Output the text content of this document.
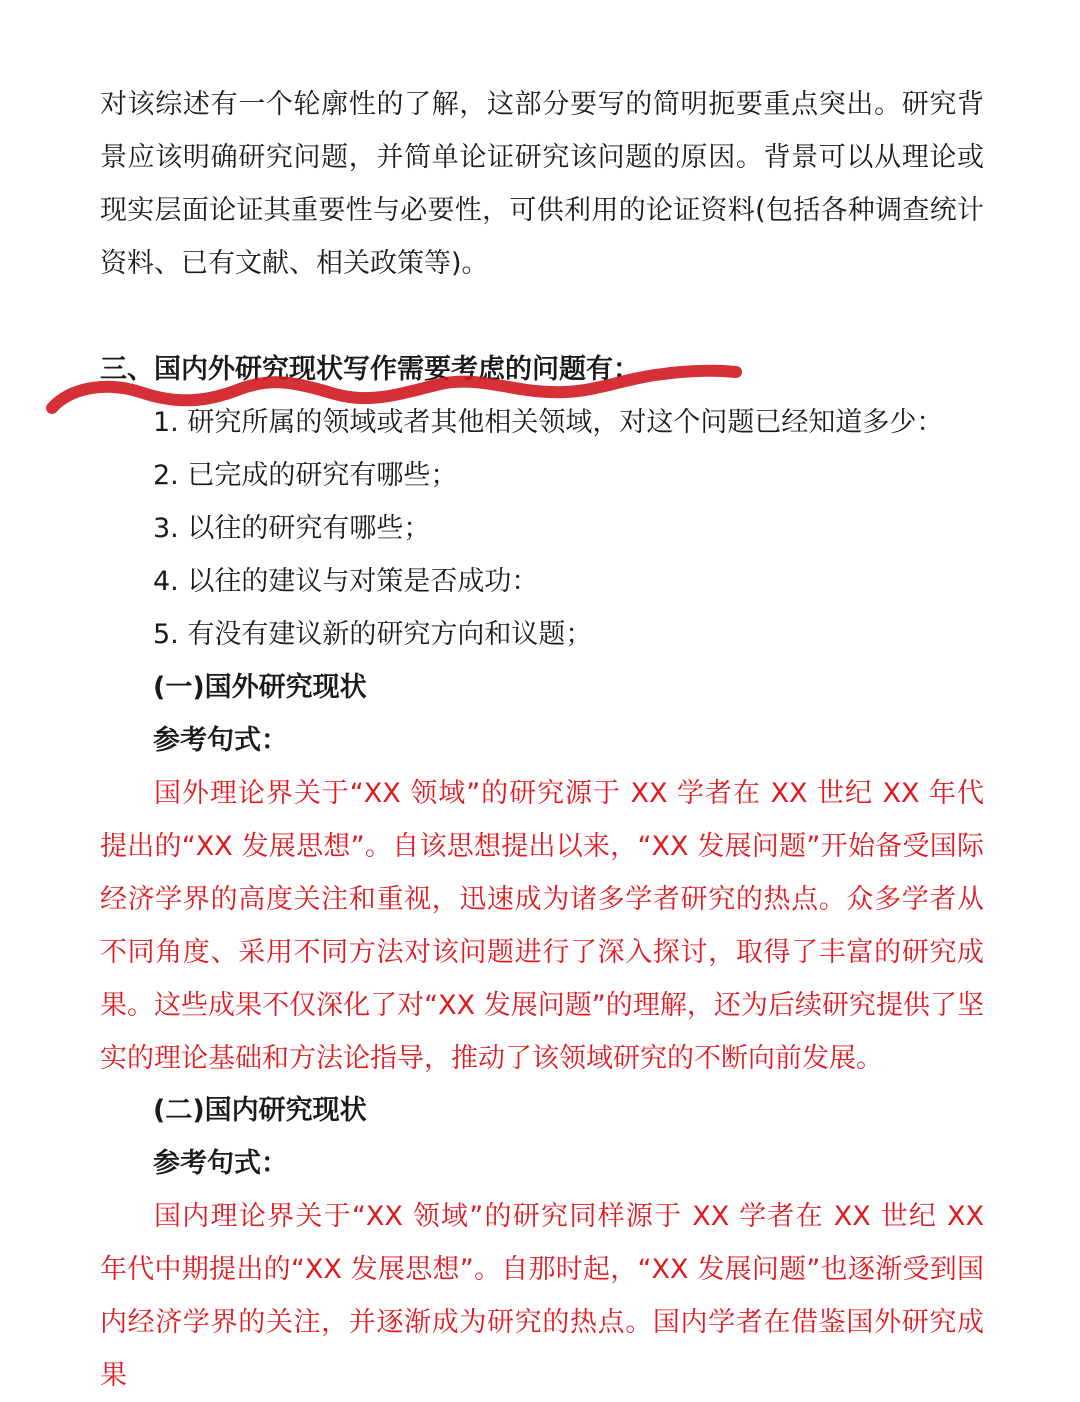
对该综述有一个轮廓性的了解，这部分要写的简明扼要重点突出。研究背景应该明确研究问题，并简单论证研究该问题的原因。背景可以从理论或现实层面论证其重要性与必要性，可供利用的论证资料(包括各种调查统计资料、已有文献、相关政策等)。

三、国内外研究现状写作需要考虑的问题有：
1. 研究所属的领域或者其他相关领域，对这个问题已经知道多少：
2. 已完成的研究有哪些；
3. 以往的研究有哪些；
4. 以往的建议与对策是否成功：
5. 有没有建议新的研究方向和议题；
(一)国外研究现状
参考句式：

国外理论界关于“XX 领域”的研究源于 XX 学者在 XX 世纪 XX 年代提出的“XX 发展思想”。自该思想提出以来，“XX 发展问题”开始备受国际经济学界的高度关注和重视，迅速成为诸多学者研究的热点。众多学者从不同角度、采用不同方法对该问题进行了深入探讨，取得了丰富的研究成果。这些成果不仅深化了对“XX 发展问题”的理解，还为后续研究提供了坚实的理论基础和方法论指导，推动了该领域研究的不断向前发展。

(二)国内研究现状
参考句式：

国内理论界关于“XX 领域”的研究同样源于 XX 学者在 XX 世纪 XX 年代中期提出的“XX 发展思想”。自那时起，“XX 发展问题”也逐渐受到国内经济学界的关注，并逐渐成为研究的热点。国内学者在借鉴国外研究成果
